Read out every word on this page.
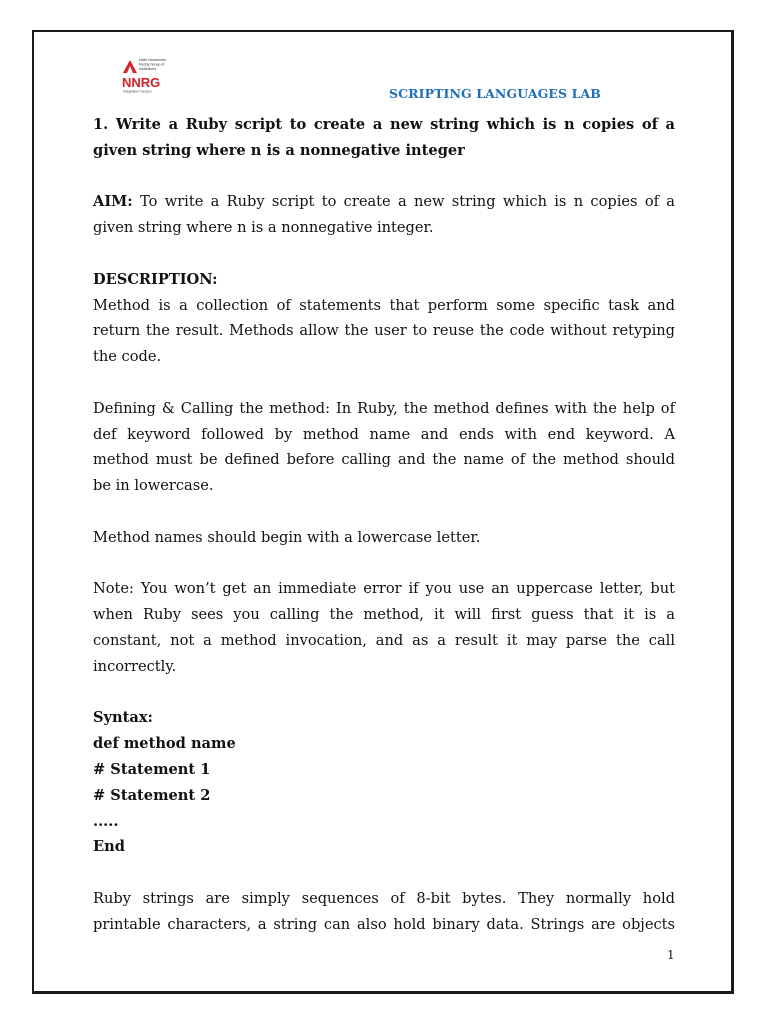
Nalla Narasimha
Reddy Group of
Institutions
NNRG
Integrated Campus	SCRIPTING LANGUAGES LAB

1. Write a Ruby script to create a new string which is n copies of a

given string where n is a nonnegative integer

AIM: To write a Ruby script to create a new string which is n copies of a

given string where n is a nonnegative integer.

DESCRIPTION:

Method is a collection of statements that perform some specific task and

return the result. Methods allow the user to reuse the code without retyping

the code.

Defining & Calling the method: In Ruby, the method defines with the help of

def keyword followed by method name and ends with end keyword. A

method must be defined before calling and the name of the method should

be in lowercase.

Method names should begin with a lowercase letter.

Note: You won’t get an immediate error if you use an uppercase letter, but

when Ruby sees you calling the method, it will first guess that it is a

constant, not a method invocation, and as a result it may parse the call

incorrectly.

Syntax:

def method name

# Statement 1

# Statement 2

.....

End

Ruby strings are simply sequences of 8-bit bytes. They normally hold

printable characters, a string can also hold binary data. Strings are objects

1
